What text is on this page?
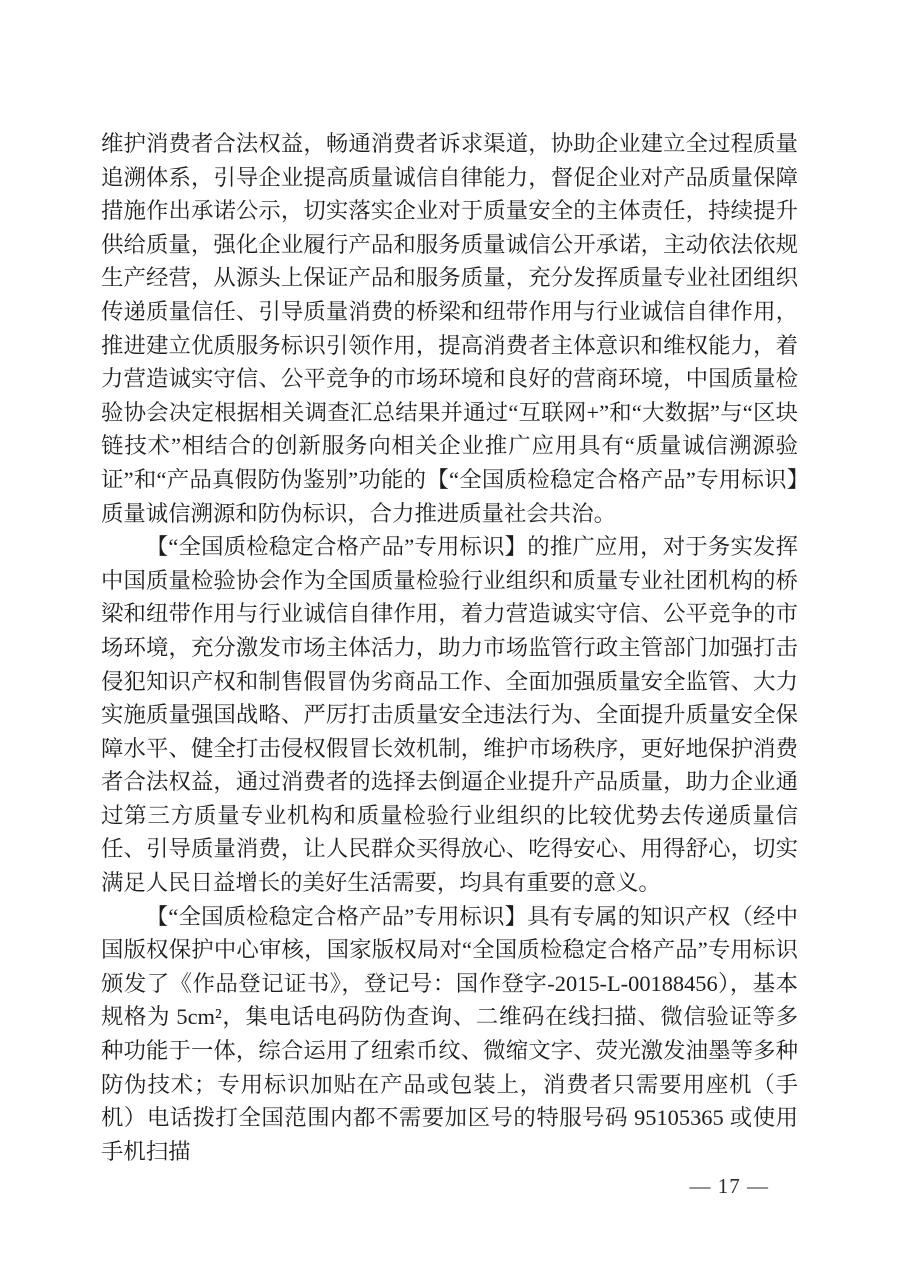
维护消费者合法权益，畅通消费者诉求渠道，协助企业建立全过程质量追溯体系，引导企业提高质量诚信自律能力，督促企业对产品质量保障措施作出承诺公示，切实落实企业对于质量安全的主体责任，持续提升供给质量，强化企业履行产品和服务质量诚信公开承诺，主动依法依规生产经营，从源头上保证产品和服务质量，充分发挥质量专业社团组织传递质量信任、引导质量消费的桥梁和纽带作用与行业诚信自律作用，推进建立优质服务标识引领作用，提高消费者主体意识和维权能力，着力营造诚实守信、公平竞争的市场环境和良好的营商环境，中国质量检验协会决定根据相关调查汇总结果并通过“互联网+”和“大数据”与“区块链技术”相结合的创新服务向相关企业推广应用具有“质量诚信溯源验证”和“产品真假防伪鉴别”功能的【“全国质检稳定合格产品”专用标识】质量诚信溯源和防伪标识，合力推进质量社会共治。

【“全国质检稳定合格产品”专用标识】的推广应用，对于务实发挥中国质量检验协会作为全国质量检验行业组织和质量专业社团机构的桥梁和纽带作用与行业诚信自律作用，着力营造诚实守信、公平竞争的市场环境，充分激发市场主体活力，助力市场监管行政主管部门加强打击侵犯知识产权和制售假冒伪劣商品工作、全面加强质量安全监管、大力实施质量强国战略、严厉打击质量安全违法行为、全面提升质量安全保障水平、健全打击侵权假冒长效机制，维护市场秩序，更好地保护消费者合法权益，通过消费者的选择去倒逼企业提升产品质量，助力企业通过第三方质量专业机构和质量检验行业组织的比较优势去传递质量信任、引导质量消费，让人民群众买得放心、吃得安心、用得舒心，切实满足人民日益增长的美好生活需要，均具有重要的意义。

【“全国质检稳定合格产品”专用标识】具有专属的知识产权（经中国版权保护中心审核，国家版权局对“全国质检稳定合格产品”专用标识颁发了《作品登记证书》，登记号：国作登字-2015-L-00188456），基本规格为 5cm²，集电话电码防伪查询、二维码在线扫描、微信验证等多种功能于一体，综合运用了纽索币纹、微缩文字、荧光激发油墨等多种防伪技术；专用标识加贴在产品或包装上，消费者只需要用座机（手机）电话拨打全国范围内都不需要加区号的特服号码 95105365 或使用手机扫描

— 17 —
